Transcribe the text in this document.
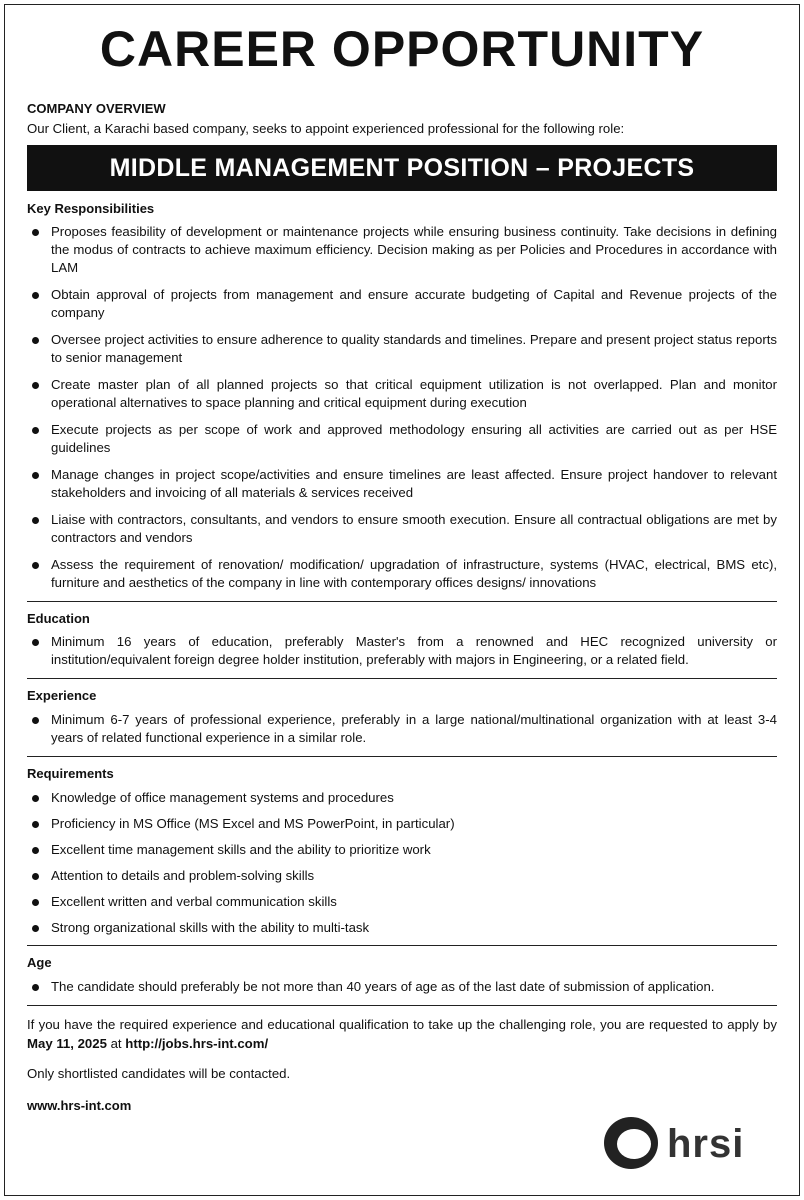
CAREER OPPORTUNITY
COMPANY OVERVIEW
Our Client, a Karachi based company, seeks to appoint experienced professional for the following role:
MIDDLE MANAGEMENT POSITION – PROJECTS
Key Responsibilities
Proposes feasibility of development or maintenance projects while ensuring business continuity. Take decisions in defining the modus of contracts to achieve maximum efficiency. Decision making as per Policies and Procedures in accordance with LAM
Obtain approval of projects from management and ensure accurate budgeting of Capital and Revenue projects of the company
Oversee project activities to ensure adherence to quality standards and timelines. Prepare and present project status reports to senior management
Create master plan of all planned projects so that critical equipment utilization is not overlapped. Plan and monitor operational alternatives to space planning and critical equipment during execution
Execute projects as per scope of work and approved methodology ensuring all activities are carried out as per HSE guidelines
Manage changes in project scope/activities and ensure timelines are least affected. Ensure project handover to relevant stakeholders and invoicing of all materials & services received
Liaise with contractors, consultants, and vendors to ensure smooth execution. Ensure all contractual obligations are met by contractors and vendors
Assess the requirement of renovation/ modification/ upgradation of infrastructure, systems (HVAC, electrical, BMS etc), furniture and aesthetics of the company in line with contemporary offices designs/ innovations
Education
Minimum 16 years of education, preferably Master's from a renowned and HEC recognized university or institution/equivalent foreign degree holder institution, preferably with majors in Engineering, or a related field.
Experience
Minimum 6-7 years of professional experience, preferably in a large national/multinational organization with at least 3-4 years of related functional experience in a similar role.
Requirements
Knowledge of office management systems and procedures
Proficiency in MS Office (MS Excel and MS PowerPoint, in particular)
Excellent time management skills and the ability to prioritize work
Attention to details and problem-solving skills
Excellent written and verbal communication skills
Strong organizational skills with the ability to multi-task
Age
The candidate should preferably be not more than 40 years of age as of the last date of submission of application.
If you have the required experience and educational qualification to take up the challenging role, you are requested to apply by May 11, 2025 at http://jobs.hrs-int.com/
Only shortlisted candidates will be contacted.
www.hrs-int.com
hrsi
